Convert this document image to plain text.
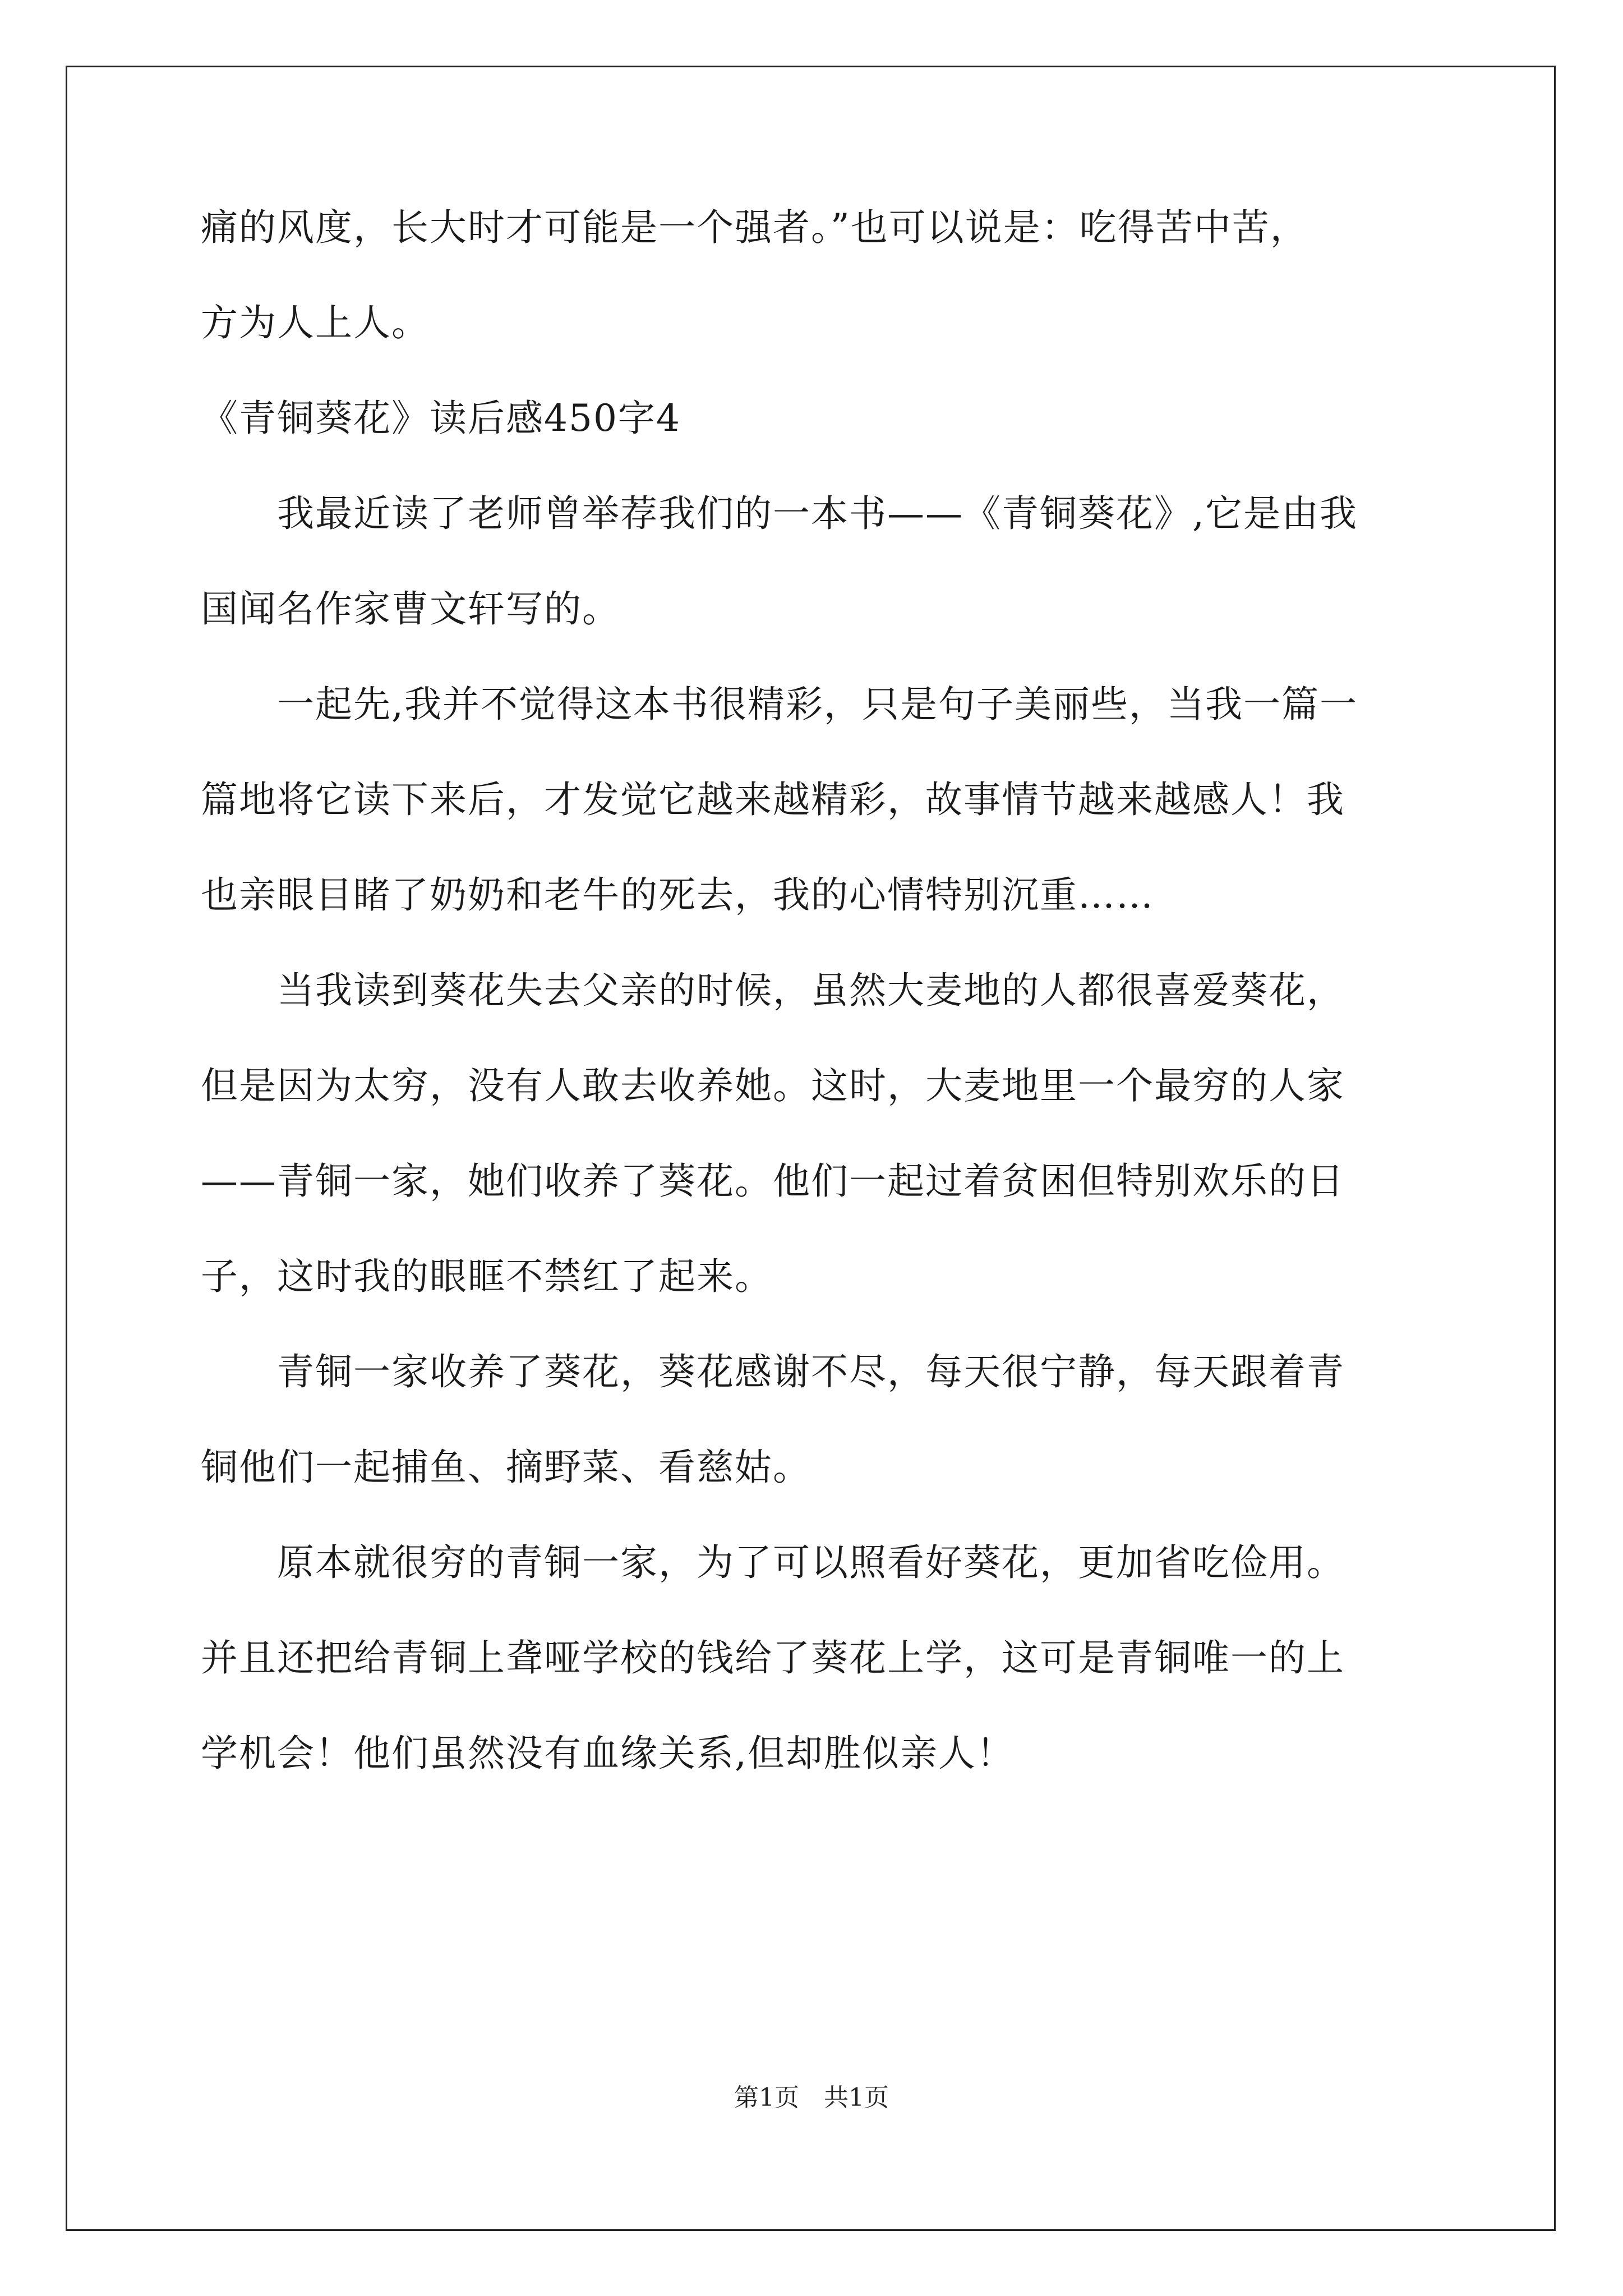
痛的风度，长大时才可能是一个强者。”也可以说是：吃得苦中苦，
方为人上人。
《青铜葵花》读后感450字4
　　我最近读了老师曾举荐我们的一本书——《青铜葵花》,它是由我
国闻名作家曹文轩写的。
　　一起先,我并不觉得这本书很精彩，只是句子美丽些，当我一篇一
篇地将它读下来后，才发觉它越来越精彩，故事情节越来越感人！我
也亲眼目睹了奶奶和老牛的死去，我的心情特别沉重……
　　当我读到葵花失去父亲的时候，虽然大麦地的人都很喜爱葵花，
但是因为太穷，没有人敢去收养她。这时，大麦地里一个最穷的人家
——青铜一家，她们收养了葵花。他们一起过着贫困但特别欢乐的日
子，这时我的眼眶不禁红了起来。
　　青铜一家收养了葵花，葵花感谢不尽，每天很宁静，每天跟着青
铜他们一起捕鱼、摘野菜、看慈姑。
　　原本就很穷的青铜一家，为了可以照看好葵花，更加省吃俭用。
并且还把给青铜上聋哑学校的钱给了葵花上学，这可是青铜唯一的上
学机会！他们虽然没有血缘关系,但却胜似亲人！
第1页　共1页
